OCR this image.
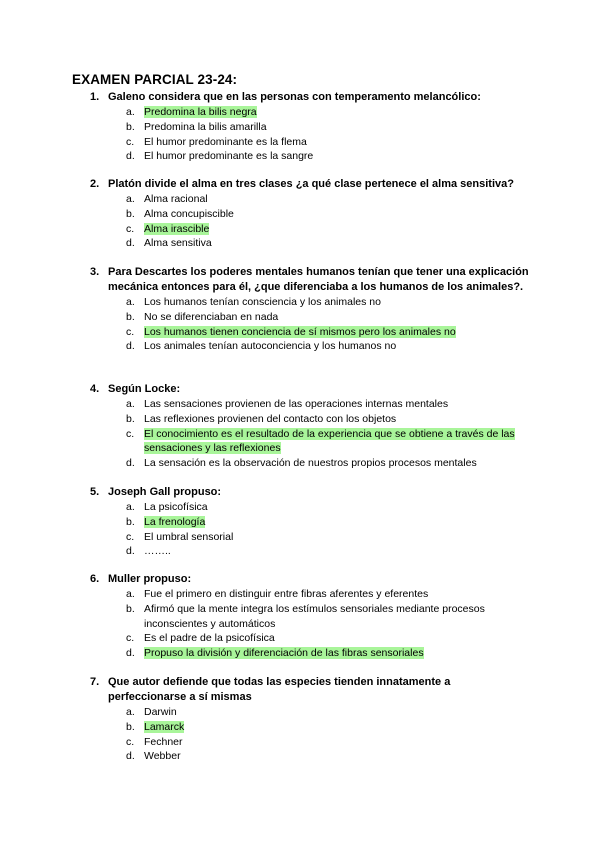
EXAMEN PARCIAL 23-24:
1. Galeno considera que en las personas con temperamento melancólico:
a. Predomina la bilis negra
b. Predomina la bilis amarilla
c. El humor predominante es la flema
d. El humor predominante es la sangre
2. Platón divide el alma en tres clases ¿a qué clase pertenece el alma sensitiva?
a. Alma racional
b. Alma concupiscible
c. Alma irascible
d. Alma sensitiva
3. Para Descartes los poderes mentales humanos tenían que tener una explicación mecánica entonces para él, ¿que diferenciaba a los humanos de los animales?.
a. Los humanos tenían consciencia y los animales no
b. No se diferenciaban en nada
c. Los humanos tienen conciencia de sí mismos pero los animales no
d. Los animales tenían autoconciencia y los humanos no
4. Según Locke:
a. Las sensaciones provienen de las operaciones internas mentales
b. Las reflexiones provienen del contacto con los objetos
c. El conocimiento es el resultado de la experiencia que se obtiene a través de las sensaciones y las reflexiones
d. La sensación es la observación de nuestros propios procesos mentales
5. Joseph Gall propuso:
a. La psicofísica
b. La frenología
c. El umbral sensorial
d. ……..
6. Muller propuso:
a. Fue el primero en distinguir entre fibras aferentes y eferentes
b. Afirmó que la mente integra los estímulos sensoriales mediante procesos inconscientes y automáticos
c. Es el padre de la psicofísica
d. Propuso la división y diferenciación de las fibras sensoriales
7. Que autor defiende que todas las especies tienden innatamente a perfeccionarse a sí mismas
a. Darwin
b. Lamarck
c. Fechner
d. Webber
